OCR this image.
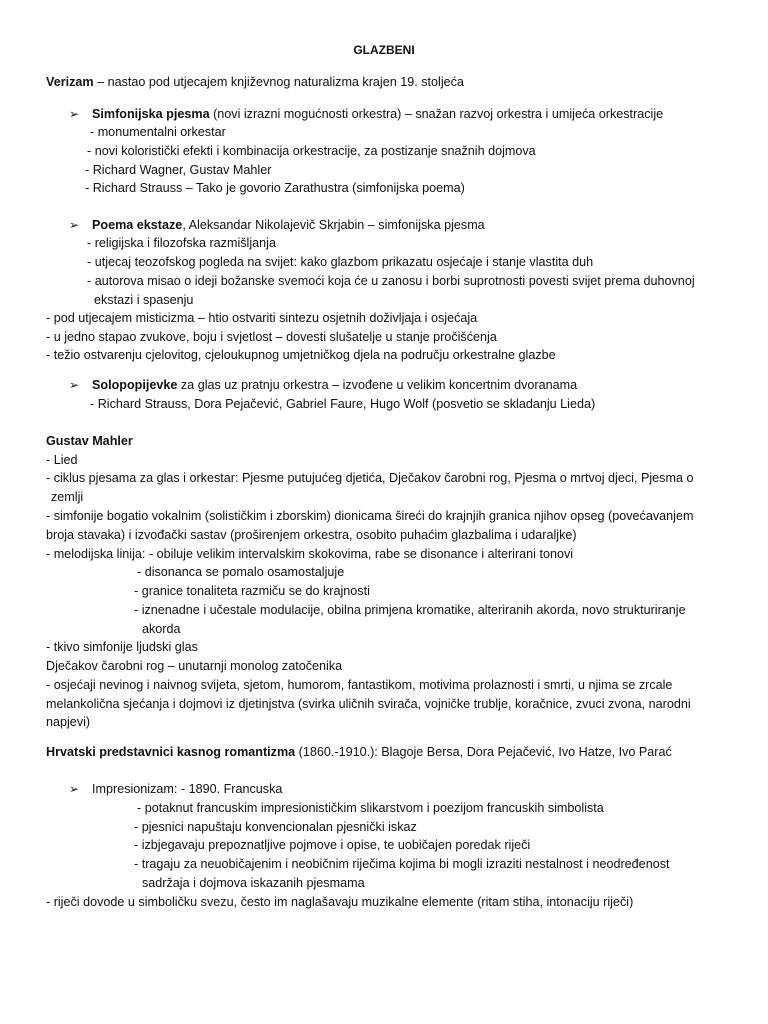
GLAZBENI
Verizam – nastao pod utjecajem književnog naturalizma krajen 19. stoljeća
➢ Simfonijska pjesma (novi izrazni mogućnosti orkestra) – snažan razvoj orkestra i umijeća orkestracije
- monumentalni orkestar
- novi koloristički efekti i kombinacija orkestracije, za postizanje snažnih dojmova
- Richard Wagner, Gustav Mahler
- Richard Strauss – Tako je govorio Zarathustra (simfonijska poema)
➢ Poema ekstaze, Aleksandar Nikolajevič Skrjabin – simfonijska pjesma
- religijska i filozofska razmišljanja
- utjecaj teozofskog pogleda na svijet: kako glazbom prikazatu osjećaje i stanje vlastita duh
- autorova misao o ideji božanske svemoći koja će u zanosu i borbi suprotnosti povesti svijet prema duhovnoj
ekstazi i spasenju
- pod utjecajem misticizma – htio ostvariti sintezu osjetnih doživljaja i osjećaja
- u jedno stapao zvukove, boju i svjetlost – dovesti slušatelje u stanje pročišćenja
- težio ostvarenju cjelovitog, cjeloukupnog umjetničkog djela na području orkestralne glazbe
➢ Solopopijevke za glas uz pratnju orkestra – izvođene u velikim koncertnim dvoranama
- Richard Strauss, Dora Pejačević, Gabriel Faure, Hugo Wolf (posvetio se skladanju Lieda)
Gustav Mahler
- Lied
- ciklus pjesama za glas i orkestar: Pjesme putujućeg djetića, Dječakov čarobni rog, Pjesma o mrtvoj djeci, Pjesma o
zemlji
- simfonije bogatio vokalnim (solističkim i zborskim) dionicama šireći do krajnjih granica njihov opseg (povećavanjem
broja stavaka) i izvođački sastav (proširenjem orkestra, osobito puhaćim glazbalima i udaraljke)
- melodijska linija: - obiluje velikim intervalskim skokovima, rabe se disonance i alterirani tonovi
- disonanca se pomalo osamostaljuje
- granice tonaliteta razmiču se do krajnosti
- iznenadne i učestale modulacije, obilna primjena kromatike, alteriranih akorda, novo strukturiranje
akorda
- tkivo simfonije ljudski glas
Dječakov čarobni rog – unutarnji monolog zatočenika
- osjećaji nevinog i naivnog svijeta, sjetom, humorom, fantastikom, motivima prolaznosti i smrti, u njima se zrcale
melankolična sjećanja i dojmovi iz djetinjstva (svirka uličnih svirača, vojničke trublje, koračnice, zvuci zvona, narodni
napjevi)
Hrvatski predstavnici kasnog romantizma (1860.-1910.): Blagoje Bersa, Dora Pejačević, Ivo Hatze, Ivo Parać
➢ Impresionizam: - 1890. Francuska
- potaknut francuskim impresionističkim slikarstvom i poezijom francuskih simbolista
- pjesnici napuštaju konvencionalan pjesnički iskaz
- izbjegavaju prepoznatljive pojmove i opise, te uobičajen poredak riječi
- tragaju za neuobičajenim i neobičnim riječima kojima bi mogli izraziti nestalnost i neodređenost
sadržaja i dojmova iskazanih pjesmama
- riječi dovode u simboličku svezu, često im naglašavaju muzikalne elemente (ritam stiha, intonaciju riječi)
